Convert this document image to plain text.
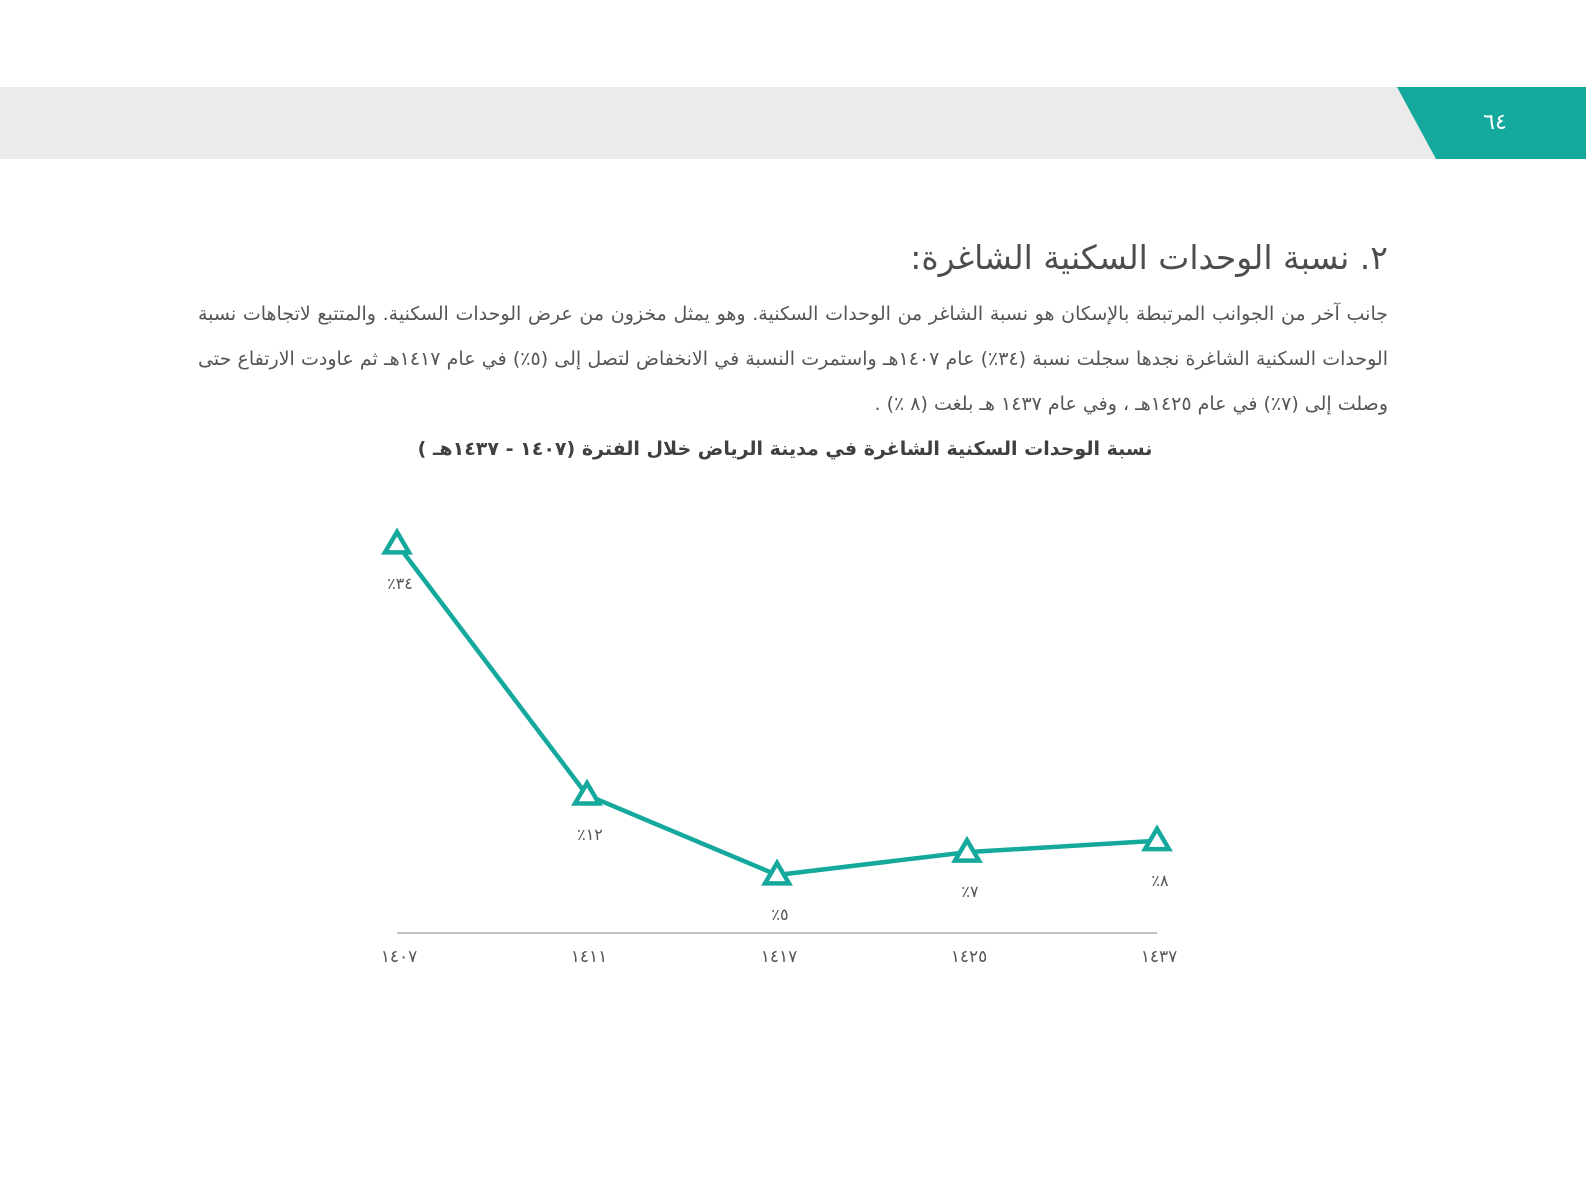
٦٤
٢. نسبة الوحدات السكنية الشاغرة:

جانب آخر من الجوانب المرتبطة بالإسكان هو نسبة الشاغر من الوحدات السكنية. وهو يمثل مخزون من عرض الوحدات السكنية. والمتتبع لاتجاهات نسبة الوحدات السكنية الشاغرة نجدها سجلت نسبة (٣٤٪) عام ١٤٠٧هـ واستمرت النسبة في الانخفاض لتصل إلى (٥٪) في عام ١٤١٧هـ ثم عاودت الارتفاع حتى وصلت إلى (٧٪) في عام ١٤٢٥هـ ، وفي عام ١٤٣٧ هـ بلغت (٨ ٪) .

نسبة الوحدات السكنية الشاغرة في مدينة الرياض خلال الفترة (١٤٠٧ - ١٤٣٧هـ )
٪٣٤
٪١٢
٪٥
٪٧
٪٨
١٤٠٧	١٤١١	١٤١٧	١٤٢٥	١٤٣٧
